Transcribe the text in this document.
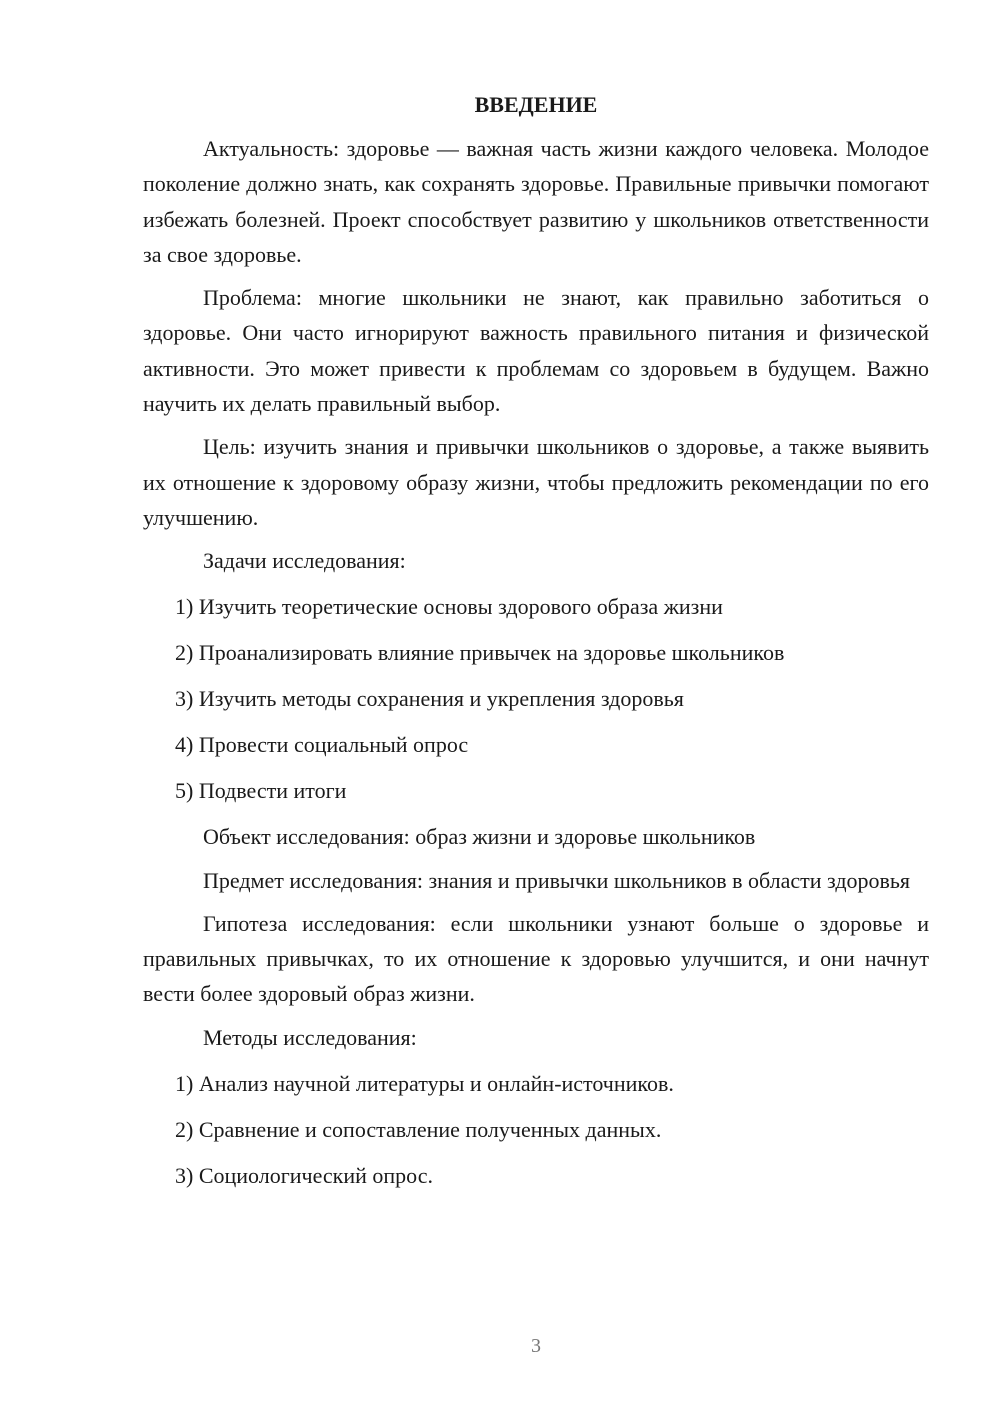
ВВЕДЕНИЕ

Актуальность: здоровье — важная часть жизни каждого человека. Молодое поколение должно знать, как сохранять здоровье. Правильные привычки помогают избежать болезней. Проект способствует развитию у школьников ответственности за свое здоровье.

Проблема: многие школьники не знают, как правильно заботиться о здоровье. Они часто игнорируют важность правильного питания и физической активности. Это может привести к проблемам со здоровьем в будущем. Важно научить их делать правильный выбор.

Цель: изучить знания и привычки школьников о здоровье, а также выявить их отношение к здоровому образу жизни, чтобы предложить рекомендации по его улучшению.

Задачи исследования:
1) Изучить теоретические основы здорового образа жизни
2) Проанализировать влияние привычек на здоровье школьников
3) Изучить методы сохранения и укрепления здоровья
4) Провести социальный опрос
5) Подвести итоги

Объект исследования: образ жизни и здоровье школьников

Предмет исследования: знания и привычки школьников в области здоровья

Гипотеза исследования: если школьники узнают больше о здоровье и правильных привычках, то их отношение к здоровью улучшится, и они начнут вести более здоровый образ жизни.

Методы исследования:
1) Анализ научной литературы и онлайн-источников.
2) Сравнение и сопоставление полученных данных.
3) Социологический опрос.
3
